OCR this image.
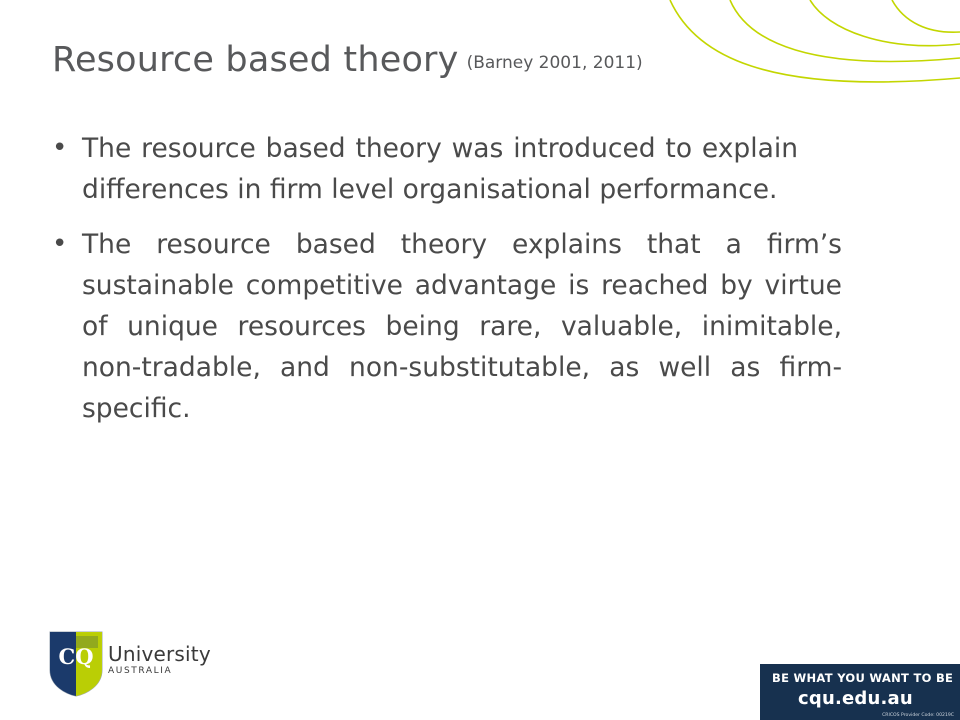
Resource based theory (Barney 2001, 2011)
• The resource based theory was introduced to explain differences in firm level organisational performance.
• The resource based theory explains that a firm’s sustainable competitive advantage is reached by virtue of unique resources being rare, valuable, inimitable, non-tradable, and non-substitutable, as well as firm-specific.
CQ University
AUSTRALIA	BE WHAT YOU WANT TO BE
cqu.edu.au
CRICOS Provider Code: 00219C
